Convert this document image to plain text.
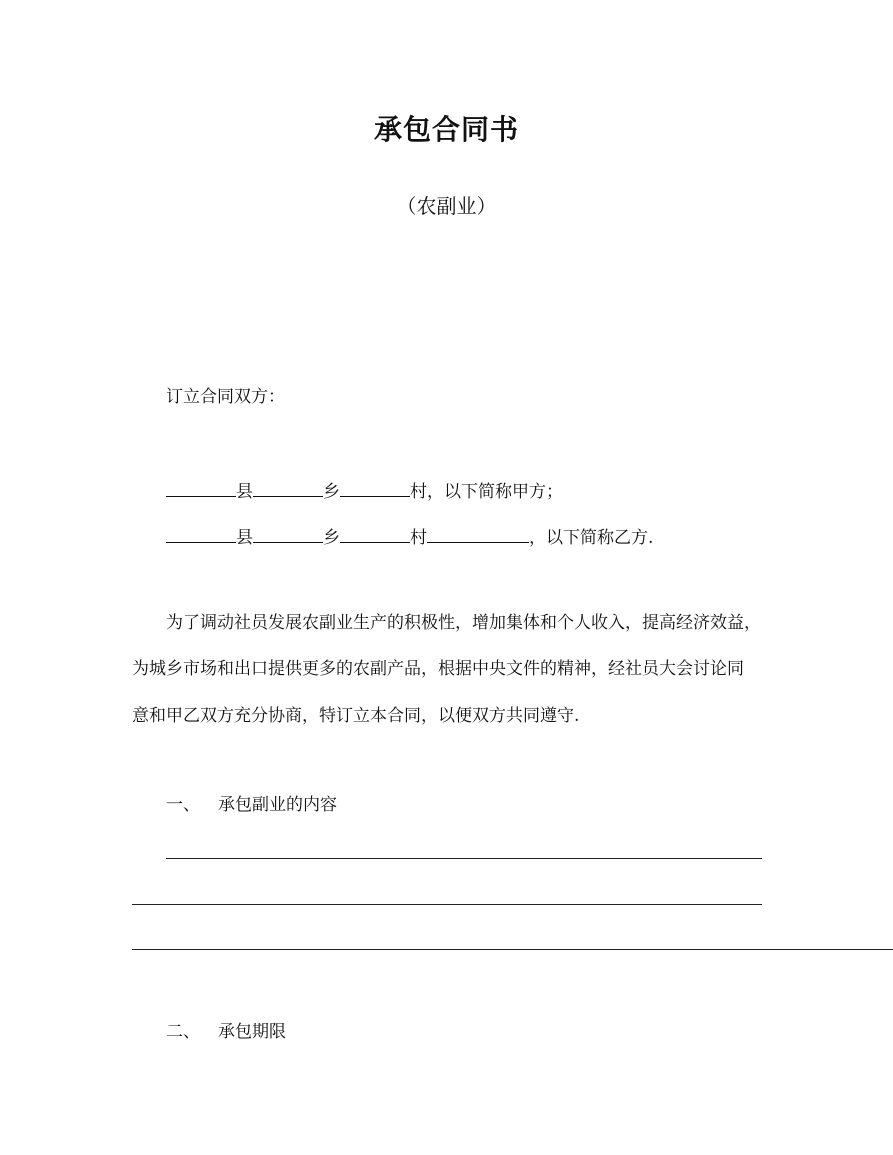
承包合同书
（农副业）
订立合同双方：
县	乡	村，以下简称甲方；
县	乡	村	，以下简称乙方.
为了调动社员发展农副业生产的积极性，增加集体和个人收入，提高经济效益，
为城乡市场和出口提供更多的农副产品，根据中央文件的精神，经社员大会讨论同
意和甲乙双方充分协商，特订立本合同，以便双方共同遵守.
一、 承包副业的内容
二、 承包期限
